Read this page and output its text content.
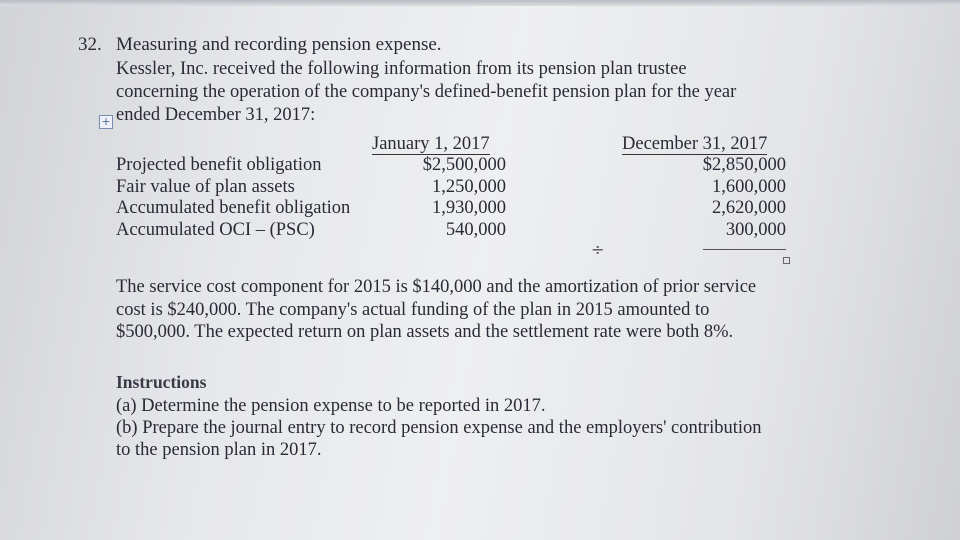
32. Measuring and recording pension expense.
Kessler, Inc. received the following information from its pension plan trustee
concerning the operation of the company's defined-benefit pension plan for the year
ended December 31, 2017:
+
January 1, 2017	December 31, 2017
Projected benefit obligation
Fair value of plan assets
Accumulated benefit obligation
Accumulated OCI – (PSC)
$2,500,000
1,250,000
1,930,000
540,000
$2,850,000
1,600,000
2,620,000
300,000
÷
The service cost component for 2015 is $140,000 and the amortization of prior service
cost is $240,000. The company's actual funding of the plan in 2015 amounted to
$500,000. The expected return on plan assets and the settlement rate were both 8%.
Instructions
(a) Determine the pension expense to be reported in 2017.
(b) Prepare the journal entry to record pension expense and the employers' contribution
to the pension plan in 2017.
